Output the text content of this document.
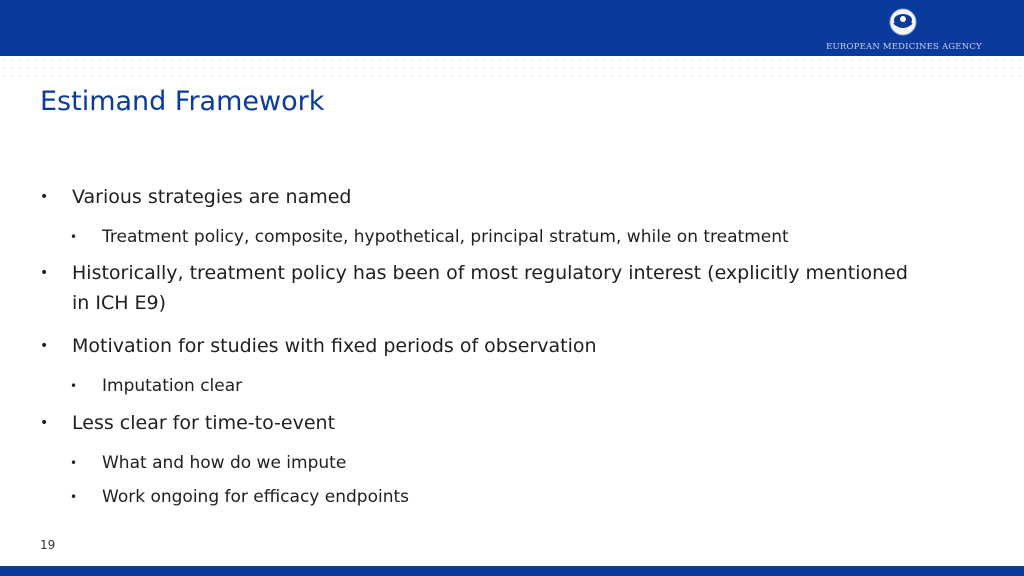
EUROPEAN MEDICINES AGENCY
Estimand Framework
•	Various strategies are named
•	Treatment policy, composite, hypothetical, principal stratum, while on treatment
•	Historically, treatment policy has been of most regulatory interest (explicitly mentioned in ICH E9)
•	Motivation for studies with fixed periods of observation
•	Imputation clear
•	Less clear for time-to-event
•	What and how do we impute
•	Work ongoing for efficacy endpoints
19
